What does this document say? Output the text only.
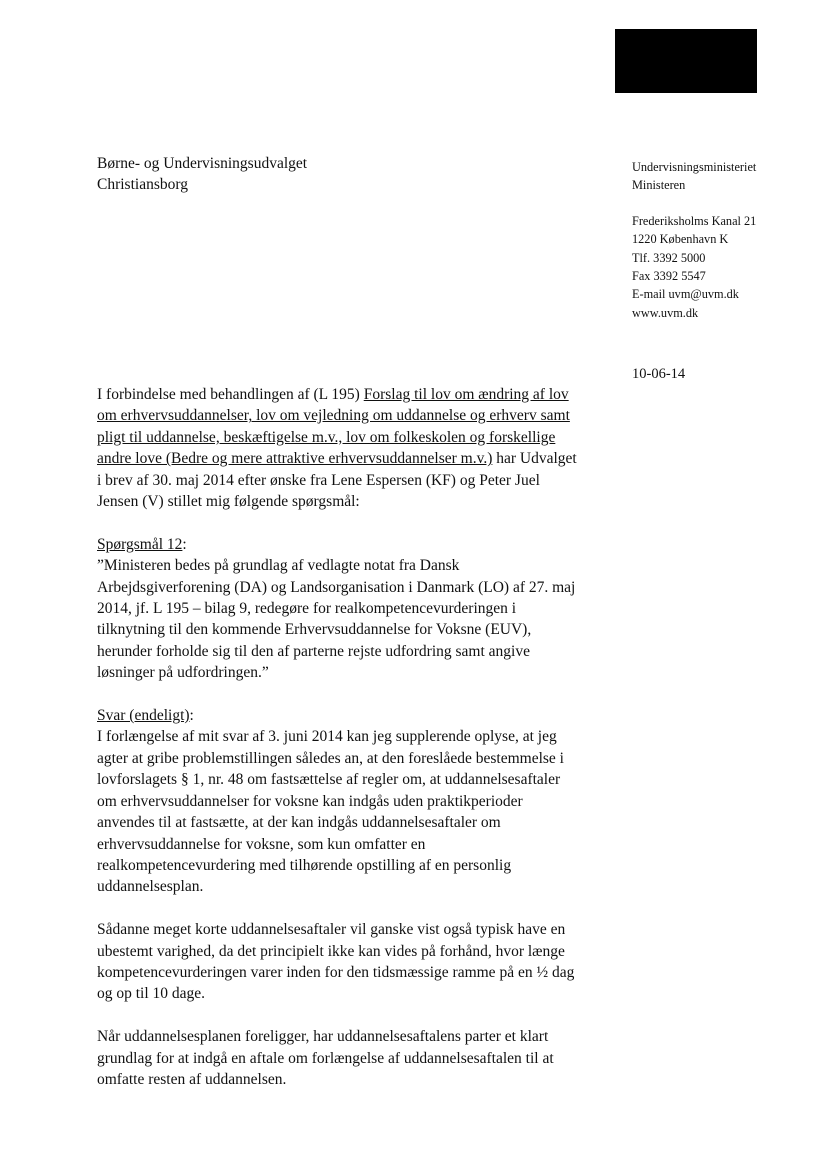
Børne- og Undervisningsudvalget
Christiansborg
Undervisningsministeriet
Ministeren
Frederiksholms Kanal 21
1220 København K
Tlf. 3392 5000
Fax 3392 5547
E-mail uvm@uvm.dk
www.uvm.dk
10-06-14

I forbindelse med behandlingen af (L 195) Forslag til lov om ændring af lov om erhvervsuddannelser, lov om vejledning om uddannelse og erhverv samt pligt til uddannelse, beskæftigelse m.v., lov om folkeskolen og forskellige andre love (Bedre og mere attraktive erhvervsuddannelser m.v.) har Udvalget i brev af 30. maj 2014 efter ønske fra Lene Espersen (KF) og Peter Juel Jensen (V) stillet mig følgende spørgsmål:

Spørgsmål 12:
”Ministeren bedes på grundlag af vedlagte notat fra Dansk Arbejdsgiverforening (DA) og Landsorganisation i Danmark (LO) af 27. maj 2014, jf. L 195 – bilag 9, redegøre for realkompetencevurderingen i tilknytning til den kommende Erhvervsuddannelse for Voksne (EUV), herunder forholde sig til den af parterne rejste udfordring samt angive løsninger på udfordringen.”

Svar (endeligt):
I forlængelse af mit svar af 3. juni 2014 kan jeg supplerende oplyse, at jeg agter at gribe problemstillingen således an, at den foreslåede bestemmelse i lovforslagets § 1, nr. 48 om fastsættelse af regler om, at uddannelsesaftaler om erhvervsuddannelser for voksne kan indgås uden praktikperioder anvendes til at fastsætte, at der kan indgås uddannelsesaftaler om erhvervsuddannelse for voksne, som kun omfatter en realkompetencevurdering med tilhørende opstilling af en personlig uddannelsesplan.

Sådanne meget korte uddannelsesaftaler vil ganske vist også typisk have en ubestemt varighed, da det principielt ikke kan vides på forhånd, hvor længe kompetencevurderingen varer inden for den tidsmæssige ramme på en ½ dag og op til 10 dage.

Når uddannelsesplanen foreligger, har uddannelsesaftalens parter et klart grundlag for at indgå en aftale om forlængelse af uddannelsesaftalen til at omfatte resten af uddannelsen.
